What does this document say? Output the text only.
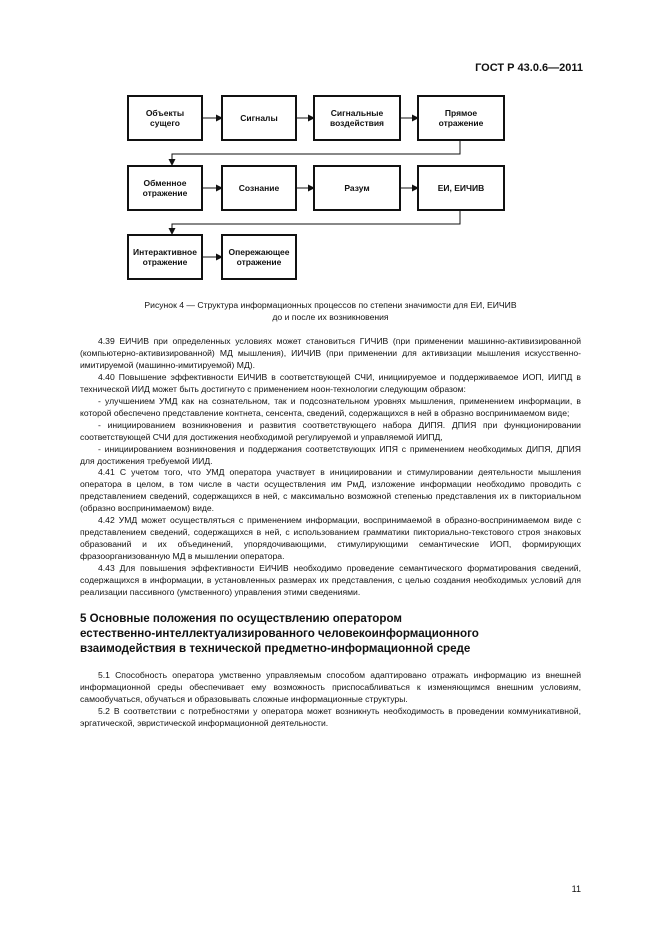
ГОСТ Р 43.0.6—2011
Объекты
сущего	Сигналы	Сигнальные
воздействия
Прямое
отражение
Обменное
отражение	Сознание	Разум	ЕИ, ЕИЧИВ
Интерактивное
отражение
Опережающее
отражение
Рисунок 4 — Структура информационных процессов по степени значимости для ЕИ, ЕИЧИВ
до и после их возникновения

4.39 ЕИЧИВ при определенных условиях может становиться ГИЧИВ (при применении машинно-активизированной (компьютерно-активизированной) МД мышления), ИИЧИВ (при применении для активизации мышления искусственно-имитируемой (машинно-имитируемой) МД).

4.40 Повышение эффективности ЕИЧИВ в соответствующей СЧИ, инициируемое и поддерживаемое ИОП, ИИПД в технической ИИД может быть достигнуто с применением ноон-технологии следующим образом:

- улучшением УМД как на сознательном, так и подсознательном уровнях мышления, применением информации, в которой обеспечено представление контнета, сенсента, сведений, содержащихся в ней в образно воспринимаемом виде;

- инициированием возникновения и развития соответствующего набора ДИПЯ. ДПИЯ при функционировании соответствующей СЧИ для достижения необходимой регулируемой и управляемой ИИПД,

- инициированием возникновения и поддержания соответствующих ИПЯ с применением необходимых ДИПЯ, ДПИЯ для достижения требуемой ИИД.

4.41 С учетом того, что УМД оператора участвует в инициировании и стимулировании деятельности мышления оператора в целом, в том числе в части осуществления им РмД, изложение информации необходимо проводить с представлением сведений, содержащихся в ней, с максимально возможной степенью представления их в пиктoриальном (образно воспринимаемом) виде.

4.42 УМД может осуществляться с применением информации, воспринимаемой в образно-воспринимаемом виде с представлением сведений, содержащихся в ней, с использованием грамматики пиктoриально-текстового строя знаковых образований и их объединений, упорядочивающими, стимулирующими семантические ИОП, формирующих фразоорганизованную МД в мышлении оператора.

4.43 Для повышения эффективности ЕИЧИВ необходимо проведение семантического форматирования сведений, содержащихся в информации, в установленных размерах их представления, с целью создания необходимых условий для реализации пассивного (умственного) управления этими сведениями.

5 Основные положения по осуществлению оператором
естественно-интеллектуализированного человекоинформационного
взаимодействия в технической предметно-информационной среде

5.1 Способность оператора умственно управляемым способом адаптировано отражать информацию из внешней информационной среды обеспечивает ему возможность приспосабливаться к изменяющимся внешним условиям, самообучаться, обучаться и образовывать сложные информационные структуры.

5.2 В соответствии с потребностями у оператора может возникнуть необходимость в проведении коммуникативной, эргатической, эвристической информационной деятельности.

11
